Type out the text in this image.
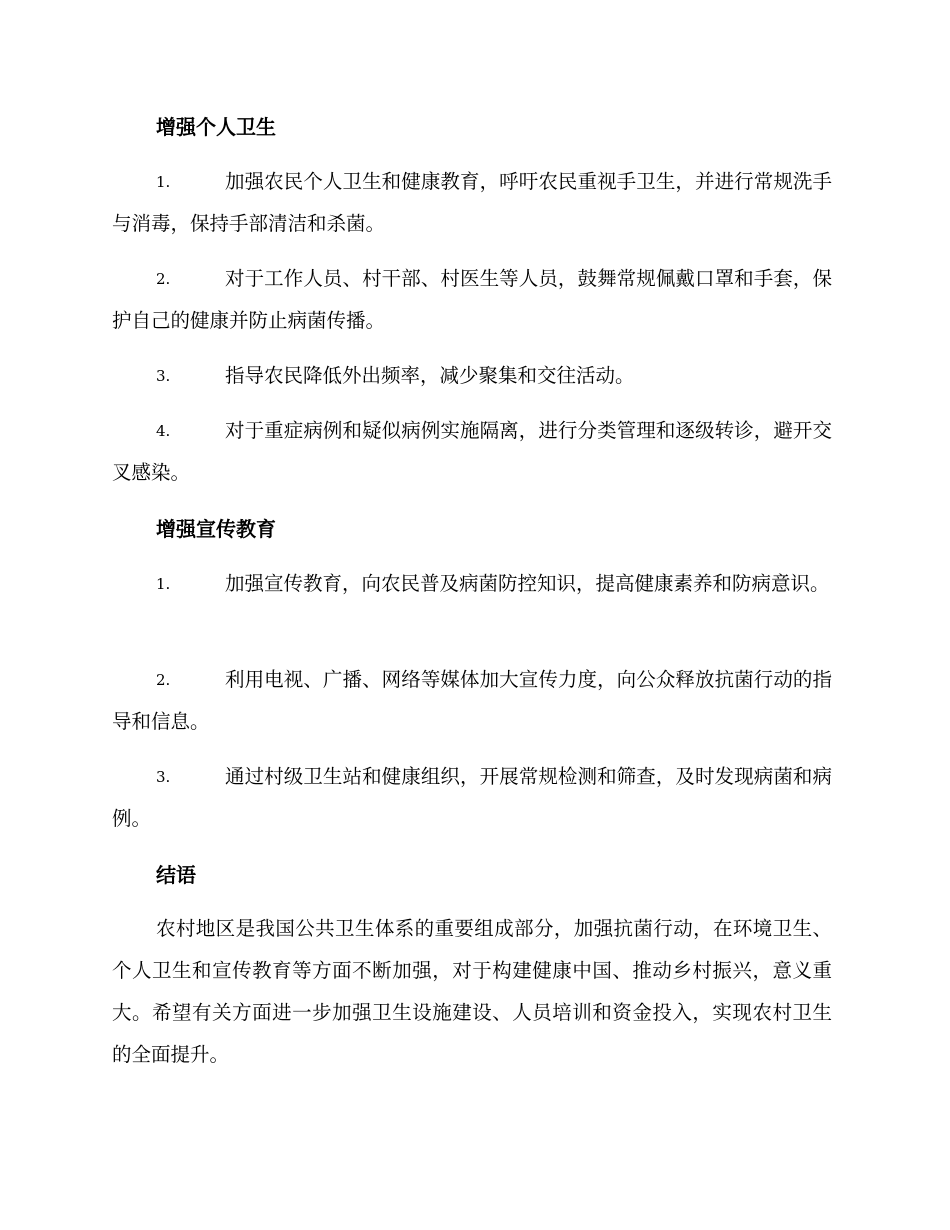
增强个人卫生
1.	加强农民个人卫生和健康教育，呼吁农民重视手卫生，并进行常规洗手与消毒，保持手部清洁和杀菌。
2.	对于工作人员、村干部、村医生等人员，鼓舞常规佩戴口罩和手套，保护自己的健康并防止病菌传播。
3.	指导农民降低外出频率，减少聚集和交往活动。
4.	对于重症病例和疑似病例实施隔离，进行分类管理和逐级转诊，避开交叉感染。
增强宣传教育
1.	加强宣传教育，向农民普及病菌防控知识，提高健康素养和防病意识。
2.	利用电视、广播、网络等媒体加大宣传力度，向公众释放抗菌行动的指导和信息。
3.	通过村级卫生站和健康组织，开展常规检测和筛查，及时发现病菌和病例。
结语
农村地区是我国公共卫生体系的重要组成部分，加强抗菌行动，在环境卫生、个人卫生和宣传教育等方面不断加强，对于构建健康中国、推动乡村振兴，意义重大。希望有关方面进一步加强卫生设施建设、人员培训和资金投入，实现农村卫生的全面提升。
